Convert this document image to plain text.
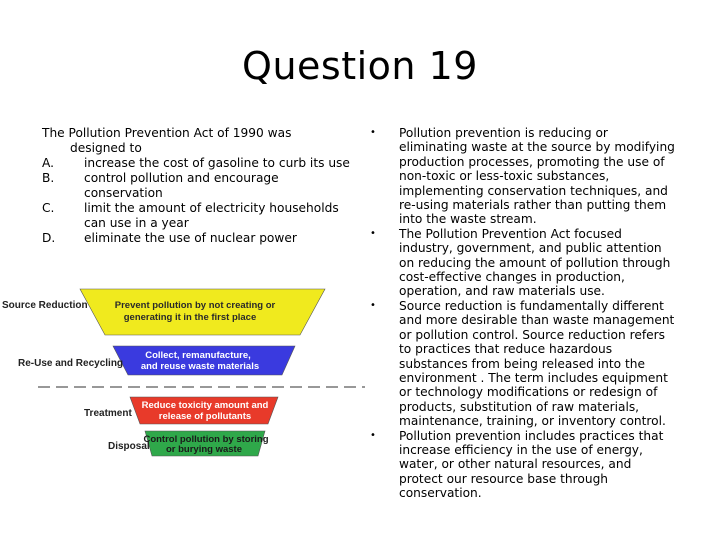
Question 19

The Pollution Prevention Act of 1990 was

designed to

A.	increase the cost of gasoline to curb its use
B.	control pollution and encourage
conservation
C.	limit the amount of electricity households
can use in a year
D.	eliminate the use of nuclear power
•	Pollution prevention is reducing or
eliminating waste at the source by modifying
production processes, promoting the use of
non-toxic or less-toxic substances,
implementing conservation techniques, and
re-using materials rather than putting them
into the waste stream.
•	The Pollution Prevention Act focused
industry, government, and public attention
on reducing the amount of pollution through
cost-effective changes in production,
operation, and raw materials use.
•	Source reduction is fundamentally different
and more desirable than waste management
or pollution control. Source reduction refers
to practices that reduce hazardous
substances from being released into the
environment . The term includes equipment
or technology modifications or redesign of
products, substitution of raw materials,
maintenance, training, or inventory control.
•	Pollution prevention includes practices that
increase efficiency in the use of energy,
water, or other natural resources, and
protect our resource base through
conservation.
Prevent pollution by not creating or
generating it in the first place
Source Reduction
Collect, remanufacture,
and reuse waste materials
Re-Use and Recycling
Reduce toxicity amount and
release of pollutants
Treatment
Control pollution by storing
or burying waste
Disposal
